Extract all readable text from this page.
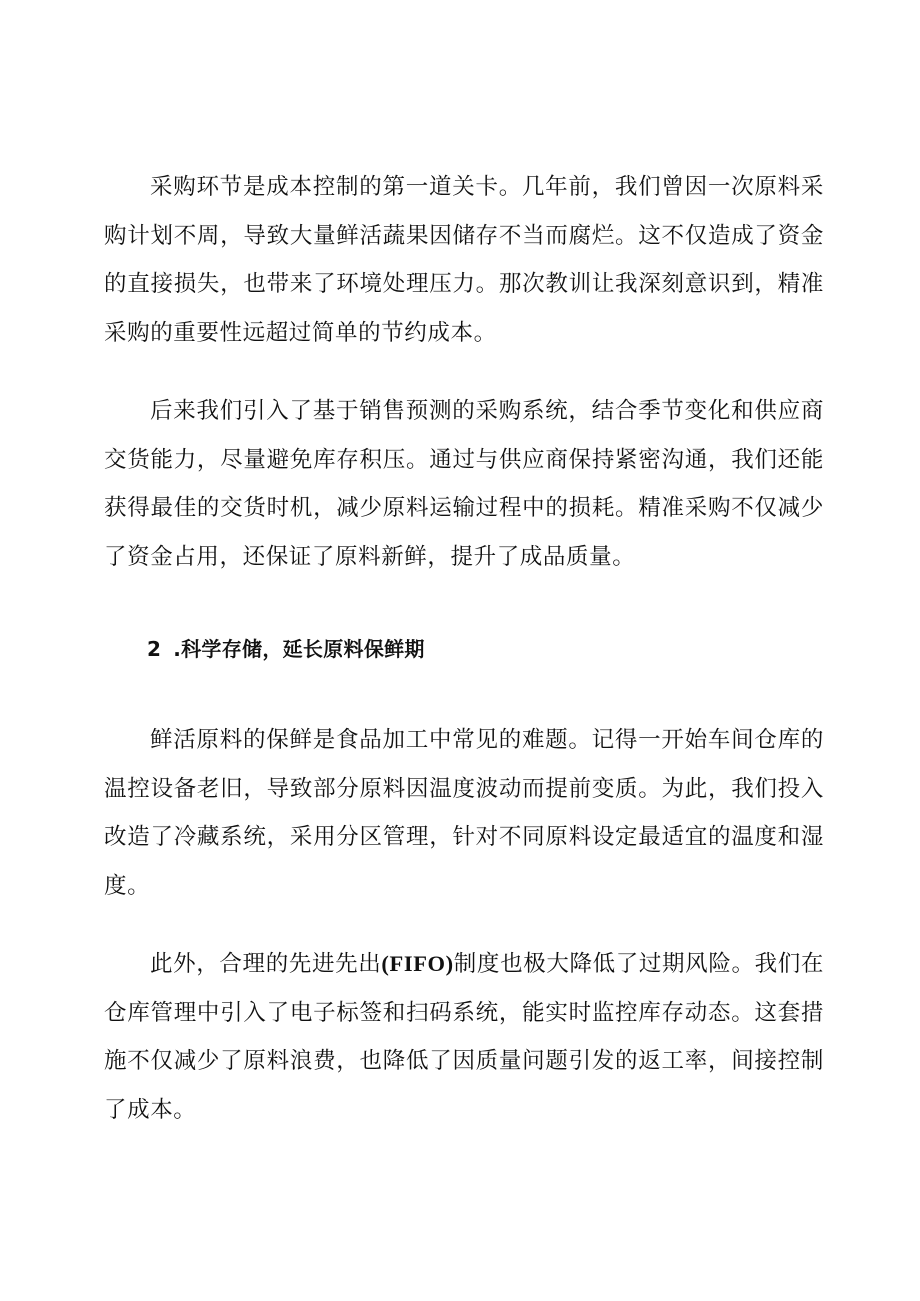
采购环节是成本控制的第一道关卡。几年前，我们曾因一次原料采购计划不周，导致大量鲜活蔬果因储存不当而腐烂。这不仅造成了资金的直接损失，也带来了环境处理压力。那次教训让我深刻意识到，精准采购的重要性远超过简单的节约成本。

后来我们引入了基于销售预测的采购系统，结合季节变化和供应商交货能力，尽量避免库存积压。通过与供应商保持紧密沟通，我们还能获得最佳的交货时机，减少原料运输过程中的损耗。精准采购不仅减少了资金占用，还保证了原料新鲜，提升了成品质量。

2 .科学存储，延长原料保鲜期

鲜活原料的保鲜是食品加工中常见的难题。记得一开始车间仓库的温控设备老旧，导致部分原料因温度波动而提前变质。为此，我们投入改造了冷藏系统，采用分区管理，针对不同原料设定最适宜的温度和湿度。

此外，合理的先进先出(FIFO)制度也极大降低了过期风险。我们在仓库管理中引入了电子标签和扫码系统，能实时监控库存动态。这套措施不仅减少了原料浪费，也降低了因质量问题引发的返工率，间接控制了成本。
